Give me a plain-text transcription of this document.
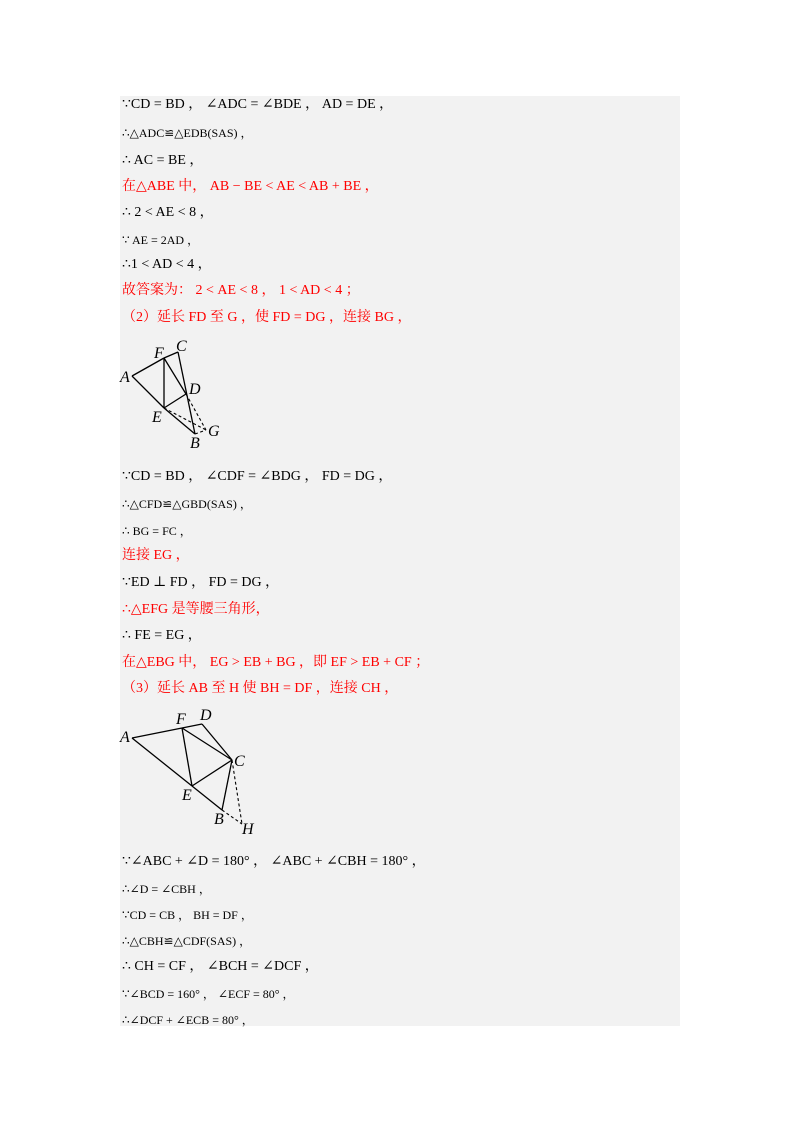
∵CD = BD ， ∠ADC = ∠BDE ， AD = DE ，
∴△ADC≌△EDB(SAS) ，
∴ AC = BE ，
在△ABE 中， AB − BE < AE < AB + BE ，
∴ 2 < AE < 8 ，
∵ AE = 2AD ，
∴1 < AD < 4 ，
故答案为： 2 < AE < 8 ， 1 < AD < 4 ；
（2）延长 FD 至 G ，使 FD = DG ，连接 BG ，
A
F C
D
E
B
G
∵CD = BD ， ∠CDF = ∠BDG ， FD = DG ，
∴△CFD≌△GBD(SAS) ，
∴ BG = FC ，
连接 EG ，
∵ED ⊥ FD ， FD = DG ，
∴△EFG 是等腰三角形，
∴ FE = EG ，
在△EBG 中， EG > EB + BG ，即 EF > EB + CF ；
（3）延长 AB 至 H 使 BH = DF ，连接 CH ，
A
F D
C
E
B
H
∵∠ABC + ∠D = 180° ， ∠ABC + ∠CBH = 180° ，
∴∠D = ∠CBH ，
∵CD = CB ， BH = DF ，
∴△CBH≌△CDF(SAS) ，
∴ CH = CF ， ∠BCH = ∠DCF ，
∵∠BCD = 160° ， ∠ECF = 80° ，
∴∠DCF + ∠ECB = 80° ，
